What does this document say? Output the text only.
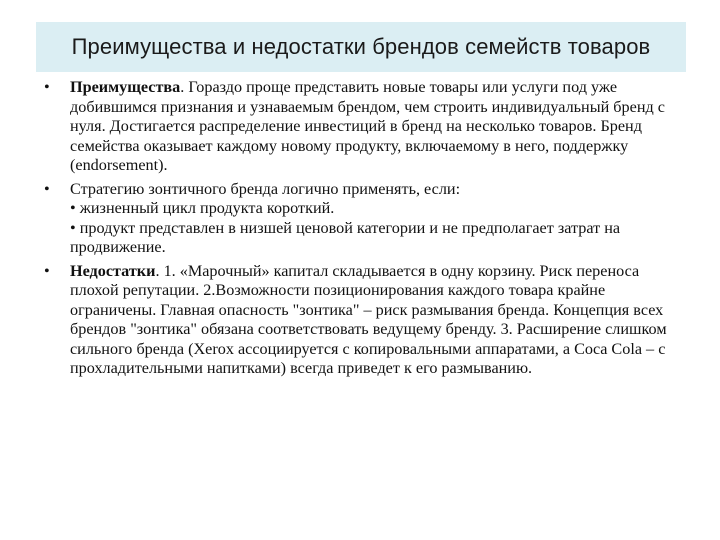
Преимущества и недостатки брендов семейств товаров
• Преимущества. Гораздо проще представить новые товары или услуги под уже добившимся признания и узнаваемым брендом, чем строить индивидуальный бренд с нуля. Достигается распределение инвестиций в бренд на несколько товаров. Бренд семейства оказывает каждому новому продукту, включаемому в него, поддержку (endorsement).
• Стратегию зонтичного бренда логично применять, если:
• жизненный цикл продукта короткий.
• продукт представлен в низшей ценовой категории и не предполагает затрат на продвижение.
• Недостатки. 1. «Марочный» капитал складывается в одну корзину. Риск переноса плохой репутации. 2.Возможности позиционирования каждого товара крайне ограничены. Главная опасность "зонтика" – риск размывания бренда. Концепция всех брендов "зонтика" обязана соответствовать ведущему бренду. 3. Расширение слишком сильного бренда (Xerox ассоциируется с копировальными аппаратами, а Coca Cola – с прохладительными напитками) всегда приведет к его размыванию.
